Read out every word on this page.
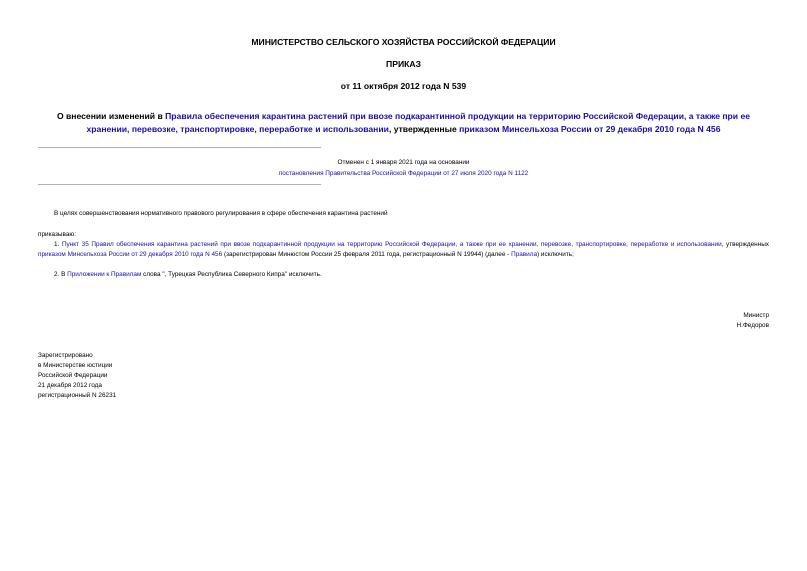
МИНИСТЕРСТВО СЕЛЬСКОГО ХОЗЯЙСТВА РОССИЙСКОЙ ФЕДЕРАЦИИ
ПРИКАЗ
от 11 октября 2012 года N 539
О внесении изменений в Правила обеспечения карантина растений при ввозе подкарантинной продукции на территорию Российской Федерации, а также при ее хранении, перевозке, транспортировке, переработке и использовании, утвержденные приказом Минсельхоза России от 29 декабря 2010 года N 456
Отменен с 1 января 2021 года на основании
постановления Правительства Российской Федерации от 27 июля 2020 года N 1122
В целях совершенствования нормативного правового регулирования в сфере обеспечения карантина растений
приказываю:
1. Пункт 35 Правил обеспечения карантина растений при ввозе подкарантинной продукции на территорию Российской Федерации, а также при ее хранении, перевозке, транспортировке, переработке и использовании, утвержденных приказом Минсельхоза России от 29 декабря 2010 года N 456 (зарегистрирован Минюстом России 25 февраля 2011 года, регистрационный N 19944) (далее - Правила) исключить;
2. В Приложении к Правилам слова ", Турецкая Республика Северного Кипра" исключить.
Министр
Н.Федоров
Зарегистрировано
в Министерстве юстиции
Российской Федерации
21 декабря 2012 года
регистрационный N 26231
